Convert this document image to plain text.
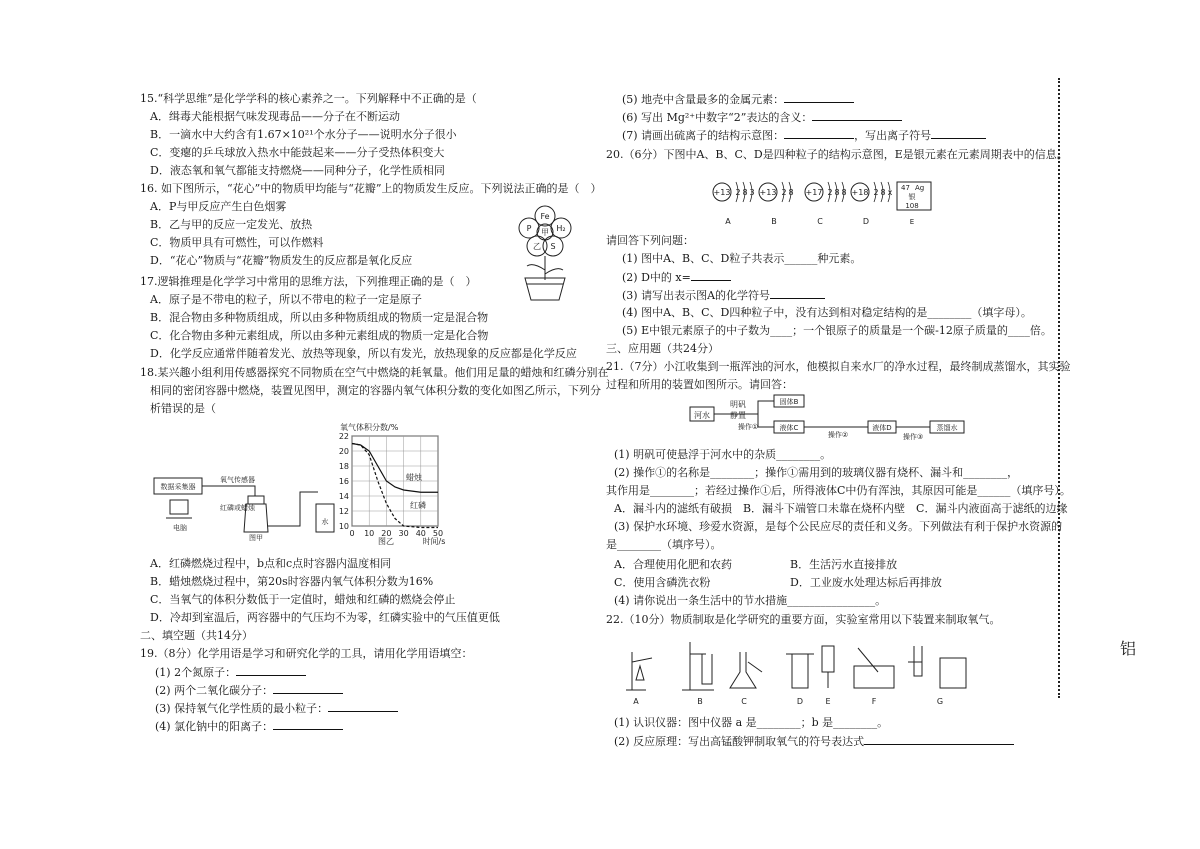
15.“科学思维”是化学学科的核心素养之一。下列解释中不正确的是（
A．缉毒犬能根据气味发现毒品——分子在不断运动
B．一滴水中大约含有1.67×10²¹个水分子——说明水分子很小
C．变瘪的乒乓球放入热水中能鼓起来——分子受热体积变大
D．液态氧和氧气都能支持燃烧——同种分子，化学性质相同
16. 如下图所示，“花心”中的物质甲均能与“花瓣”上的物质发生反应。下列说法正确的是（　）
A．P与甲反应产生白色烟雾
B．乙与甲的反应一定发光、放热
C．物质甲具有可燃性，可以作燃料
D．“花心”物质与“花瓣”物质发生的反应都是氧化反应
Fe
H₂
S
P
乙
甲
17.逻辑推理是化学学习中常用的思维方法，下列推理正确的是（　）
A．原子是不带电的粒子，所以不带电的粒子一定是原子
B．混合物由多种物质组成，所以由多种物质组成的物质一定是混合物
C．化合物由多种元素组成，所以由多种元素组成的物质一定是化合物
D．化学反应通常伴随着发光、放热等现象，所以有发光，放热现象的反应都是化学反应
18.某兴趣小组利用传感器探究不同物质在空气中燃烧的耗氧量。他们用足量的蜡烛和红磷分别在
相同的密闭容器中燃烧，装置见图甲，测定的容器内氧气体积分数的变化如图乙所示，下列分
析错误的是（
数据采集器
电脑
氧气传感器
红磷或蜡烛
图甲
水
氧气体积分数/%
10
12
14
16
18
20
22
0 10 20 30 40 50
蜡烛
红磷
图乙	时间/s
A．红磷燃烧过程中，b点和c点时容器内温度相同
B．蜡烛燃烧过程中，第20s时容器内氧气体积分数为16%
C．当氧气的体积分数低于一定值时，蜡烛和红磷的燃烧会停止
D．冷却到室温后，两容器中的气压均不为零，红磷实验中的气压值更低
二、填空题（共14分）
19.（8分）化学用语是学习和研究化学的工具，请用化学用语填空：
(1) 2个氮原子：
(2) 两个二氧化碳分子：
(3) 保持氧气化学性质的最小粒子：
(4) 氯化钠中的阳离子：
(5) 地壳中含量最多的金属元素：
(6) 写出 Mg²⁺中数字“2”表达的含义：
(7) 请画出硫离子的结构示意图：	，写出离子符号
20.（6分）下图中A、B、C、D是四种粒子的结构示意图，E是银元素在元素周期表中的信息。
+13 2 8 3
A
+13 2 8
B
+17 2 8 8
C
+18 2 8 x
D
47 Ag
银
108
E
请回答下列问题：
(1) 图中A、B、C、D粒子共表示______种元素。
(2) D中的 x=
(3) 请写出表示图A的化学符号
(4) 图中A、B、C、D四种粒子中，没有达到相对稳定结构的是________（填字母）。
(5) E中银元素原子的中子数为____；一个银原子的质量是一个碳-12原子质量的____倍。
三、应用题（共24分）
21.（7分）小江收集到一瓶浑浊的河水，他模拟自来水厂的净水过程，最终制成蒸馏水，其实验
过程和所用的装置如图所示。请回答：
河水
明矾
静置
操作①
固体B
液体C
操作②
液体D
操作③
蒸馏水
(1) 明矾可使悬浮于河水中的杂质________。
(2) 操作①的名称是________；操作①需用到的玻璃仪器有烧杯、漏斗和________，
其作用是________；若经过操作①后，所得液体C中仍有浑浊，其原因可能是______（填序号）。
A．漏斗内的滤纸有破损　B．漏斗下端管口未靠在烧杯内壁　C．漏斗内液面高于滤纸的边缘
(3) 保护水环境、珍爱水资源，是每个公民应尽的责任和义务。下列做法有利于保护水资源的
是________（填序号）。
A．合理使用化肥和农药	B．生活污水直接排放
C．使用含磷洗衣粉	D．工业废水处理达标后再排放
(4) 请你说出一条生活中的节水措施________________。
22.（10分）物质制取是化学研究的重要方面，实验室常用以下装置来制取氧气。
A	B	C	D	E	F	G
(1) 认识仪器：图中仪器 a 是________；b 是________。
(2) 反应原理：写出高锰酸钾制取氧气的符号表达式
铝
